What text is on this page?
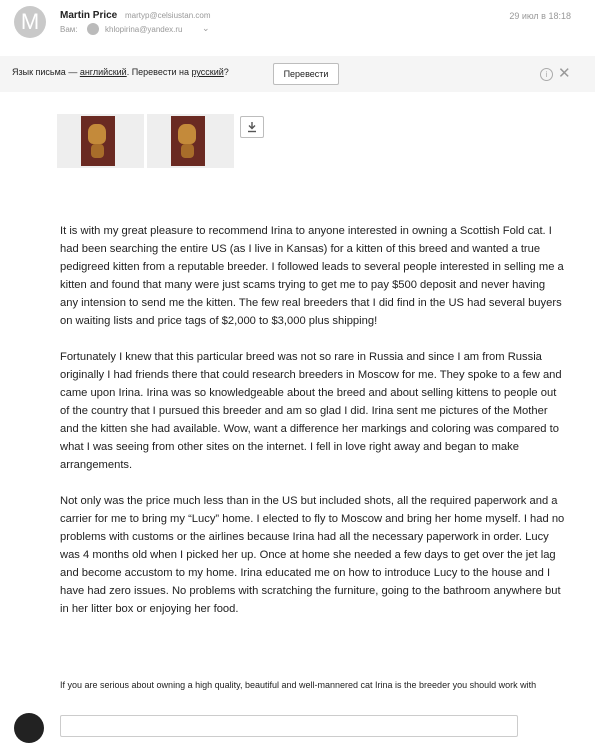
M	Martin Price martyp@celsiustan.com	29 июл в 18:18
Вам:	khlopirina@yandex.ru ⌄
Язык письма — английский. Перевести на русский?	Перевести	i ✕

It is with my great pleasure to recommend Irina to anyone interested in owning a Scottish Fold cat. I had been searching the entire US (as I live in Kansas) for a kitten of this breed and wanted a true pedigreed kitten from a reputable breeder. I followed leads to several people interested in selling me a kitten and found that many were just scams trying to get me to pay $500 deposit and never having any intension to send me the kitten. The few real breeders that I did find in the US had several buyers on waiting lists and price tags of $2,000 to $3,000 plus shipping!

Fortunately I knew that this particular breed was not so rare in Russia and since I am from Russia originally I had friends there that could research breeders in Moscow for me. They spoke to a few and came upon Irina. Irina was so knowledgeable about the breed and about selling kittens to people out of the country that I pursued this breeder and am so glad I did. Irina sent me pictures of the Mother and the kitten she had available. Wow, want a difference her markings and coloring was compared to what I was seeing from other sites on the internet. I fell in love right away and began to make arrangements.

Not only was the price much less than in the US but included shots, all the required paperwork and a carrier for me to bring my “Lucy” home. I elected to fly to Moscow and bring her home myself. I had no problems with customs or the airlines because Irina had all the necessary paperwork in order. Lucy was 4 months old when I picked her up. Once at home she needed a few days to get over the jet lag and become accustom to my home. Irina educated me on how to introduce Lucy to the house and I have had zero issues. No problems with scratching the furniture, going to the bathroom anywhere but in her litter box or enjoying her food.

If you are serious about owning a high quality, beautiful and well-mannered cat Irina is the breeder you should work with
